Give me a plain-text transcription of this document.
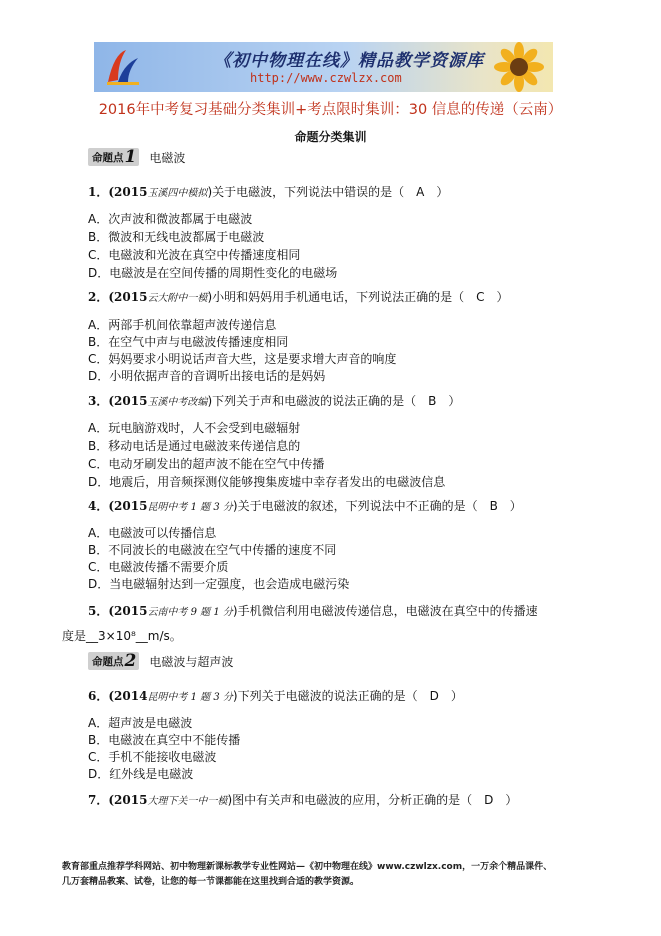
《初中物理在线》精品教学资源库
http://www.czwlzx.com
2016年中考复习基础分类集训+考点限时集训：30 信息的传递（云南）
命题分类集训
命题点 1 电磁波
1．(2015玉溪四中模拟)关于电磁波，下列说法中错误的是（　A　）
A．次声波和微波都属于电磁波
B．微波和无线电波都属于电磁波
C．电磁波和光波在真空中传播速度相同
D．电磁波是在空间传播的周期性变化的电磁场
2．(2015云大附中一模)小明和妈妈用手机通电话，下列说法正确的是（　C　）
A．两部手机间依靠超声波传递信息
B．在空气中声与电磁波传播速度相同
C．妈妈要求小明说话声音大些，这是要求增大声音的响度
D．小明依据声音的音调听出接电话的是妈妈
3．(2015玉溪中考改编)下列关于声和电磁波的说法正确的是（　B　）
A．玩电脑游戏时，人不会受到电磁辐射
B．移动电话是通过电磁波来传递信息的
C．电动牙刷发出的超声波不能在空气中传播
D．地震后，用音频探测仪能够搜集废墟中幸存者发出的电磁波信息
4．(2015昆明中考 1 题 3 分)关于电磁波的叙述，下列说法中不正确的是（　B　）
A．电磁波可以传播信息
B．不同波长的电磁波在空气中传播的速度不同
C．电磁波传播不需要介质
D．当电磁辐射达到一定强度，也会造成电磁污染
5．(2015云南中考 9 题 1 分)手机微信利用电磁波传递信息，电磁波在真空中的传播速
度是__3×10⁸__m/s。
命题点 2 电磁波与超声波
6．(2014昆明中考 1 题 3 分)下列关于电磁波的说法正确的是（　D　）
A．超声波是电磁波
B．电磁波在真空中不能传播
C．手机不能接收电磁波
D．红外线是电磁波
7．(2015大理下关一中一模)图中有关声和电磁波的应用，分析正确的是（　D　）
教育部重点推荐学科网站、初中物理新课标教学专业性网站—《初中物理在线》www.czwlzx.com，一万余个精品课件、
几万套精品教案、试卷，让您的每一节课都能在这里找到合适的教学资源。
